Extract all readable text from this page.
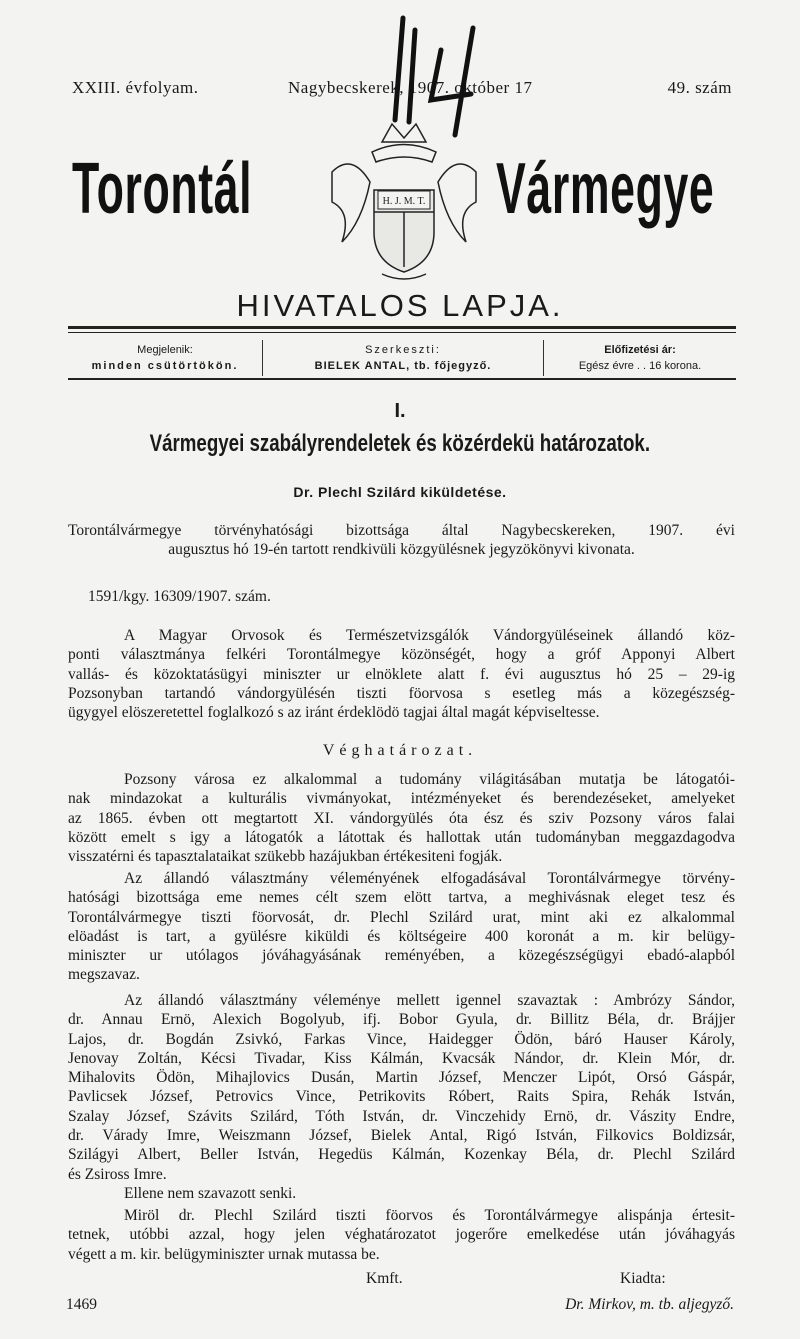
XXIII. évfolyam.	Nagybecskerek, 1907. október 17	49. szám
Torontál	Vármegye
H. J. M. T.
HIVATALOS LAPJA.
Megjelenik:
minden csütörtökön.
Szerkeszti:
BIELEK ANTAL, tb. főjegyző.
Előfizetési ár:
Egész évre . . 16 korona.
I.
Vármegyei szabályrendeletek és közérdekü határozatok.
Dr. Plechl Szilárd kiküldetése.
Torontálvármegye törvényhatósági bizottsága által Nagybecskereken, 1907. évi
augusztus hó 19-én tartott rendkivüli közgyülésnek jegyzökönyvi kivonata.
1591/kgy. 16309/1907. szám.
A Magyar Orvosok és Természetvizsgálók Vándorgyüléseinek állandó köz-
ponti választmánya felkéri Torontálmegye közönségét, hogy a gróf Apponyi Albert
vallás- és közoktatásügyi miniszter ur elnöklete alatt f. évi augusztus hó 25 – 29-ig
Pozsonyban tartandó vándorgyülésén tiszti föorvosa s esetleg más a közegészség-
ügygyel elöszeretettel foglalkozó s az iránt érdeklödö tagjai által magát képviseltesse.
Véghatározat.
Pozsony városa ez alkalommal a tudomány világitásában mutatja be látogatói-
nak mindazokat a kulturális vivmányokat, intézményeket és berendezéseket, amelyeket
az 1865. évben ott megtartott XI. vándorgyülés óta ész és sziv Pozsony város falai
között emelt s igy a látogatók a látottak és hallottak után tudományban meggazdagodva
visszatérni és tapasztalataikat szükebb hazájukban értékesiteni fogják.
Az állandó választmány véleményének elfogadásával Torontálvármegye törvény-
hatósági bizottsága eme nemes célt szem elött tartva, a meghivásnak eleget tesz és
Torontálvármegye tiszti föorvosát, dr. Plechl Szilárd urat, mint aki ez alkalommal
elöadást is tart, a gyülésre kiküldi és költségeire 400 koronát a m. kir belügy-
miniszter ur utólagos jóváhagyásának reményében, a közegészségügyi ebadó-alapból
megszavaz.
Az állandó választmány véleménye mellett igennel szavaztak : Ambrózy Sándor,
dr. Annau Ernö, Alexich Bogolyub, ifj. Bobor Gyula, dr. Billitz Béla, dr. Brájjer
Lajos, dr. Bogdán Zsivkó, Farkas Vince, Haidegger Ödön, báró Hauser Károly,
Jenovay Zoltán, Kécsi Tivadar, Kiss Kálmán, Kvacsák Nándor, dr. Klein Mór, dr.
Mihalovits Ödön, Mihajlovics Dusán, Martin József, Menczer Lipót, Orsó Gáspár,
Pavlicsek József, Petrovics Vince, Petrikovits Róbert, Raits Spira, Rehák István,
Szalay József, Szávits Szilárd, Tóth István, dr. Vinczehidy Ernö, dr. Vászity Endre,
dr. Várady Imre, Weiszmann József, Bielek Antal, Rigó István, Filkovics Boldizsár,
Szilágyi Albert, Beller István, Hegedüs Kálmán, Kozenkay Béla, dr. Plechl Szilárd
és Zsiross Imre.
Ellene nem szavazott senki.
Miröl dr. Plechl Szilárd tiszti föorvos és Torontálvármegye alispánja értesit-
tetnek, utóbbi azzal, hogy jelen véghatározatot jogerőre emelkedése után jóváhagyás
végett a m. kir. belügyminiszter urnak mutassa be.
Kmft.	Kiadta:
1469	Dr. Mirkov, m. tb. aljegyző.
